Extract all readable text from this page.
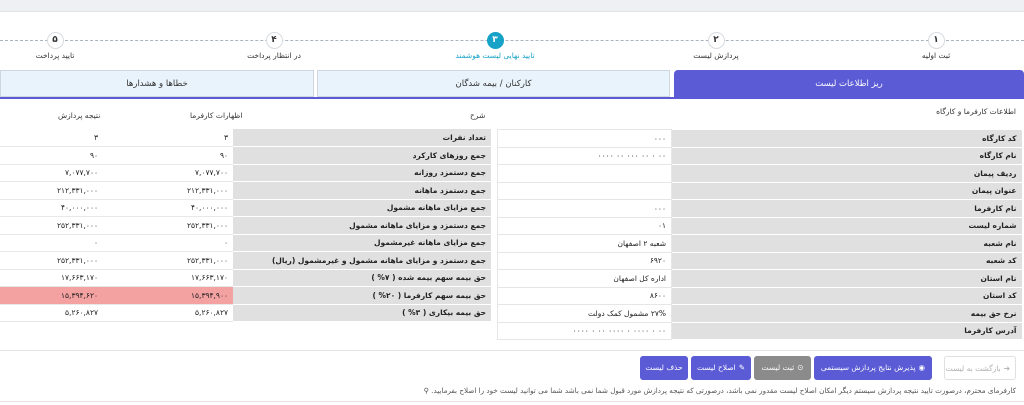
۱
ثبت اولیه
۲
پردازش لیست
۳
تایید نهایی لیست هوشمند
۴
در انتظار پرداخت
۵
تایید پرداخت
ریز اطلاعات لیست
کارکنان / بیمه شدگان
خطاها و هشدارها
اطلاعات کارفرما و کارگاه
شرح
اظهارات کارفرما
نتیجه پردازش
٠٠٠	کد کارگاه
٠٠ ٠ ٠٠ ٠٠٠ ٠٠ ٠٠٠٠	نام کارگاه
	ردیف پیمان
	عنوان پیمان
٠٠٠	نام کارفرما
۰۱	شماره لیست
شعبه ۲ اصفهان	نام شعبه
۶۹۲۰	کد شعبه
اداره کل اصفهان	نام استان
۸۶۰۰	کد استان
۲۷% مشمول کمک دولت	نرخ حق بیمه
٠٠ ٠ ٠٠٠٠ ٠ ٠٠٠٠ ٠٠ ٠ ٠٠٠٠	آدرس کارفرما
۳	۳	تعداد نفرات
۹۰	۹۰	جمع روزهای کارکرد
۷,۰۷۷,۷۰۰	۷,۰۷۷,۷۰۰	جمع دستمزد روزانه
۲۱۲,۳۳۱,۰۰۰	۲۱۲,۳۳۱,۰۰۰	جمع دستمزد ماهانه
۴۰,۰۰۰,۰۰۰	۴۰,۰۰۰,۰۰۰	جمع مزایای ماهانه مشمول
۲۵۲,۳۳۱,۰۰۰	۲۵۲,۳۳۱,۰۰۰	جمع دستمزد و مزایای ماهانه مشمول
۰	۰	جمع مزایای ماهانه غیرمشمول
۲۵۲,۳۳۱,۰۰۰	۲۵۲,۳۳۱,۰۰۰	جمع دستمزد و مزایای ماهانه مشمول و غیرمشمول (ریال)
۱۷,۶۶۳,۱۷۰	۱۷,۶۶۳,۱۷۰	حق بیمه سهم بیمه شده ( ۷% )
۱۵,۳۹۴,۶۲۰	۱۵,۳۹۴,۹۰۰	حق بیمه سهم کارفرما ( ۲۰% )
۵,۲۶۰,۸۲۷	۵,۲۶۰,۸۲۷	حق بیمه بیکاری ( ۳% )
➔بازگشت به لیست
◉پذیرش نتایج پردازش سیستمی
⊙ثبت لیست
✎اصلاح لیست
حذف لیست
کارفرمای محترم، درصورت تایید نتیجه پردازش سیستم دیگر امکان اصلاح لیست مقدور نمی باشد، درصورتی که نتیجه پردازش مورد قبول شما نمی باشد شما می توانید لیست خود را اصلاح بفرمایید. ⚲
